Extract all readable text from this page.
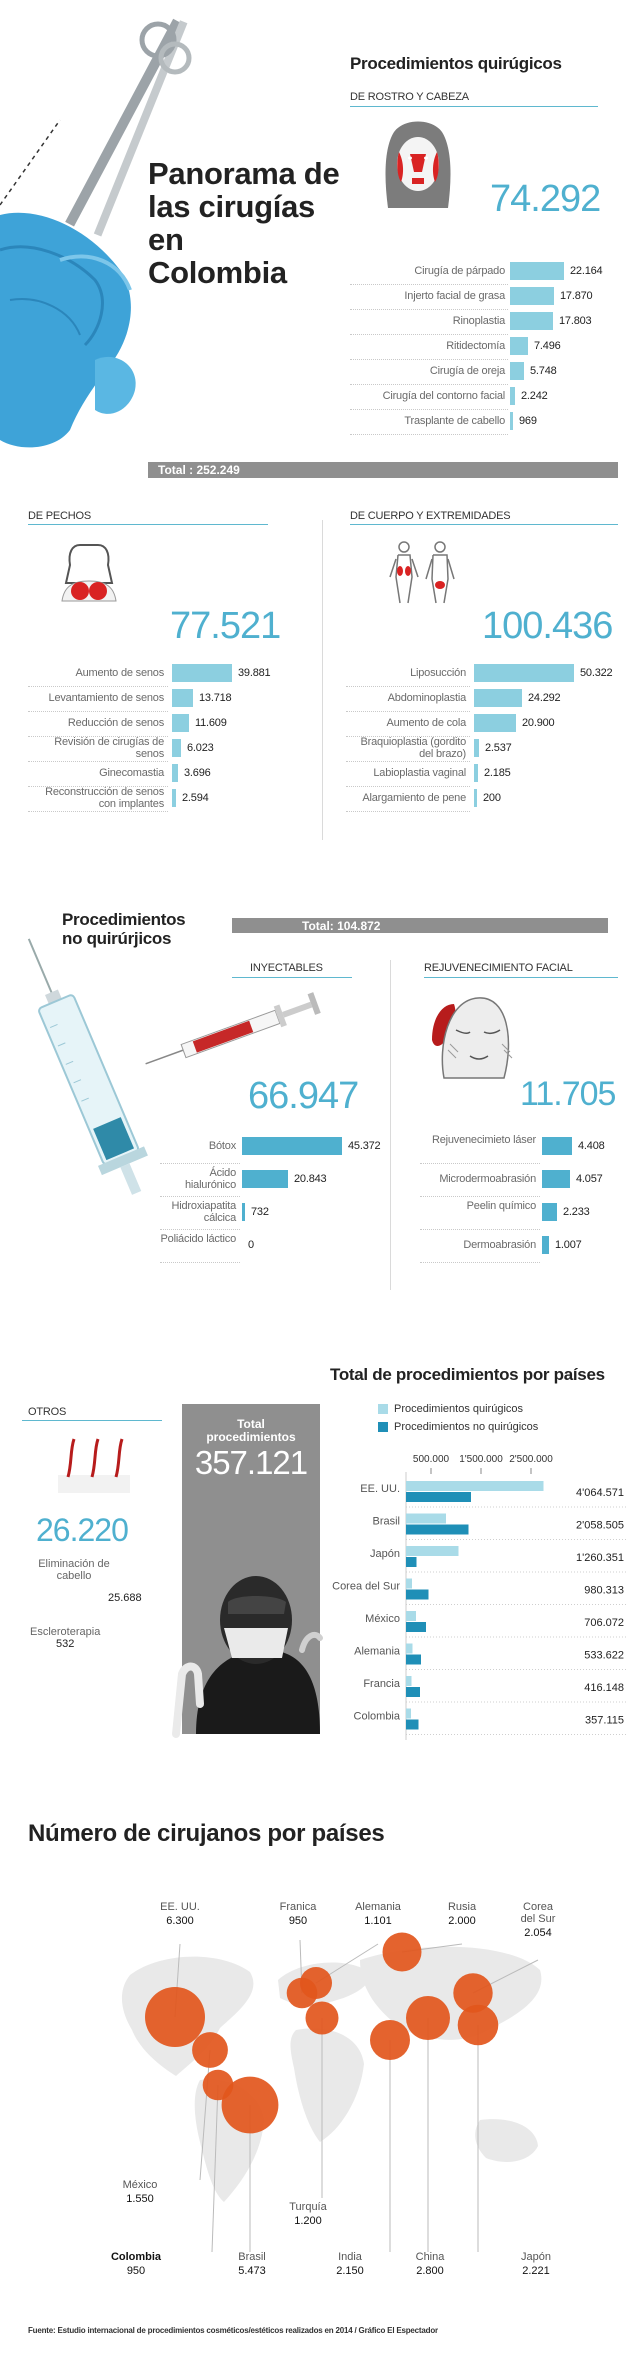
Panorama de
las cirugías en
Colombia
Procedimientos quirúgicos
DE ROSTRO Y CABEZA
74.292
Cirugía de párpado	22.164
Injerto facial de grasa	17.870
Rinoplastia	17.803
Ritidectomía	7.496
Cirugía de oreja 5.748
Cirugía del contorno facial 2.242
Trasplante de cabello 969
Total : 252.249
DE PECHOS
77.521
Aumento de senos	39.881
Levantamiento de senos	13.718
Reducción de senos	11.609
Revisión de cirugías de senos 6.023
Ginecomastia 3.696
Reconstrucción de senos con implantes 2.594
DE CUERPO Y EXTREMIDADES
100.436
Liposucción	50.322
Abdominoplastia	24.292
Aumento de cola	20.900
Braquioplastia (gordito del brazo) 2.537
Labioplastia vaginal 2.185
Alargamiento de pene 200
Procedimientos
no quirúrjicos
Total: 104.872
INYECTABLES
66.947
Bótox	45.372
Ácido hialurónico	20.843
Hidroxiapatita cálcica 732
Poliácido láctico 0
REJUVENECIMIENTO FACIAL
11.705
Rejuvenecimieto láser	4.408
Microdermoabrasión	4.057
Peelin químico 2.233
Dermoabrasión 1.007
Total de procedimientos por países
OTROS
26.220
Eliminación de cabello
25.688
Escleroterapia
532
Total
procedimientos
357.121
Procedimientos quirúgicos
Procedimientos no quirúgicos
500.000 1'500.000 2'500.000
EE. UU.	4'064.571
Brasil	2'058.505
Japón	1'260.351
Corea del Sur	980.313
México	706.072
Alemania	533.622
Francia	416.148
Colombia	357.115
Número de cirujanos por países
EE. UU.
6.300
Franica
950
Alemania
1.101
Rusia
2.000
Corea del Sur
2.054
México
1.550
Turquía
1.200
Colombia
950
Brasil
5.473
India
2.150
China
2.800
Japón
2.221
Fuente: Estudio internacional de procedimientos cosméticos/estéticos realizados en 2014 / Gráfico El Espectador
